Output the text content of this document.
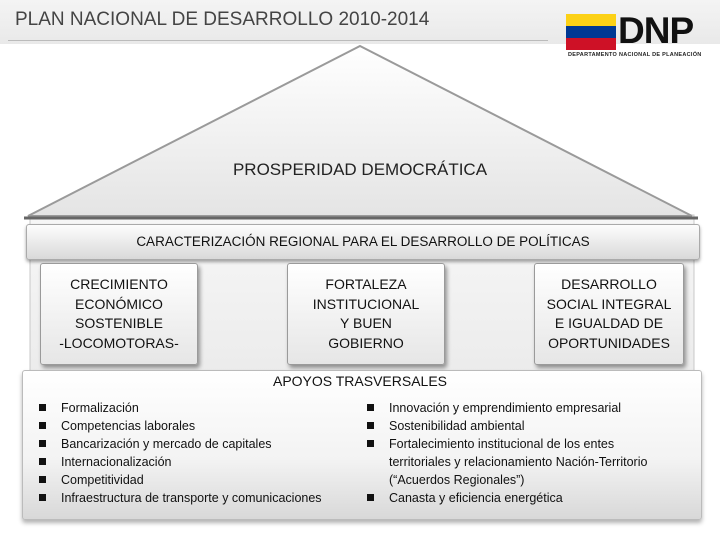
PLAN NACIONAL DE DESARROLLO 2010-2014	DNP
DEPARTAMENTO NACIONAL DE PLANEACIÓN
PROSPERIDAD DEMOCRÁTICA
CARACTERIZACIÓN REGIONAL PARA EL DESARROLLO DE POLÍTICAS
CRECIMIENTO
ECONÓMICO
SOSTENIBLE
-LOCOMOTORAS-
FORTALEZA
INSTITUCIONAL
Y BUEN
GOBIERNO
DESARROLLO
SOCIAL INTEGRAL
E IGUALDAD DE
OPORTUNIDADES
APOYOS TRASVERSALES
Formalización
Competencias laborales
Bancarización y mercado de capitales
Internacionalización
Competitividad
Infraestructura de transporte y comunicaciones
Innovación y emprendimiento empresarial
Sostenibilidad ambiental
Fortalecimiento institucional de los entes
territoriales y relacionamiento Nación-Territorio
(“Acuerdos Regionales”)
Canasta y eficiencia energética
